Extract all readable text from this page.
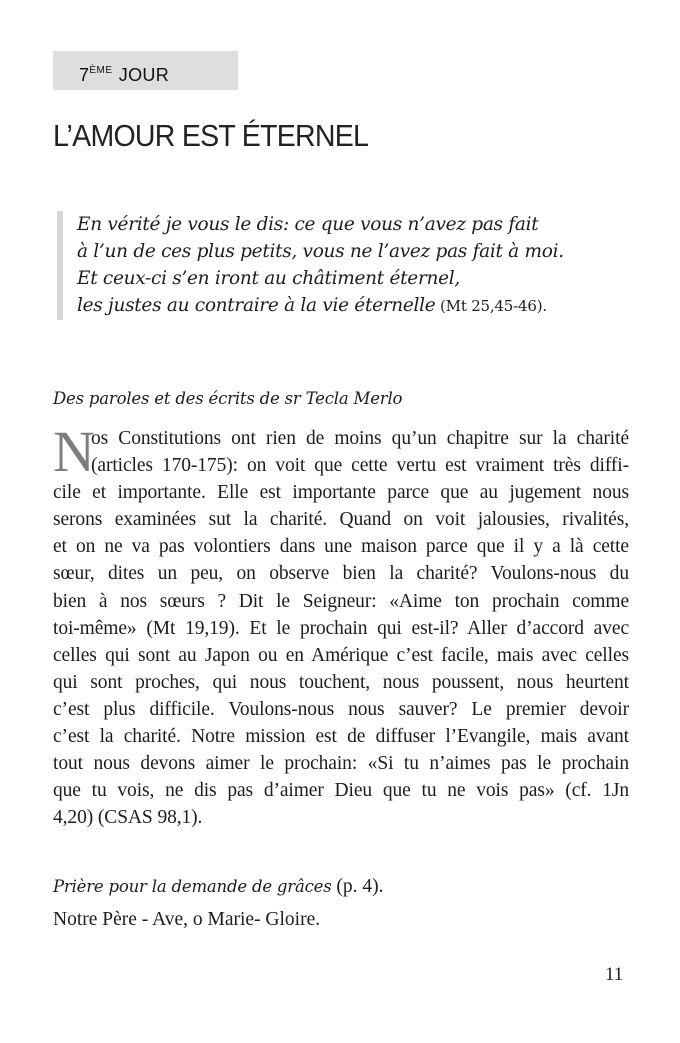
7ÈME JOUR
L’AMOUR EST ÉTERNEL
En vérité je vous le dis: ce que vous n’avez pas fait
à l’un de ces plus petits, vous ne l’avez pas fait à moi.
Et ceux-ci s’en iront au châtiment éternel,
les justes au contraire à la vie éternelle (Mt 25,45-46).
Des paroles et des écrits de sr Tecla Merlo
N
os Constitutions ont rien de moins qu’un chapitre sur la charité
(articles 170-175): on voit que cette vertu est vraiment très diffi-
cile et importante. Elle est importante parce que au jugement nous
serons examinées sut la charité. Quand on voit jalousies, rivalités,
et on ne va pas volontiers dans une maison parce que il y a là cette
sœur, dites un peu, on observe bien la charité? Voulons-nous du
bien à nos sœurs ? Dit le Seigneur: «Aime ton prochain comme
toi-même» (Mt 19,19). Et le prochain qui est-il? Aller d’accord avec
celles qui sont au Japon ou en Amérique c’est facile, mais avec celles
qui sont proches, qui nous touchent, nous poussent, nous heurtent
c’est plus difficile. Voulons-nous nous sauver? Le premier devoir
c’est la charité. Notre mission est de diffuser l’Evangile, mais avant
tout nous devons aimer le prochain: «Si tu n’aimes pas le prochain
que tu vois, ne dis pas d’aimer Dieu que tu ne vois pas» (cf. 1Jn
4,20) (CSAS 98,1).
Prière pour la demande de grâces (p. 4).
Notre Père - Ave, o Marie- Gloire.
11
